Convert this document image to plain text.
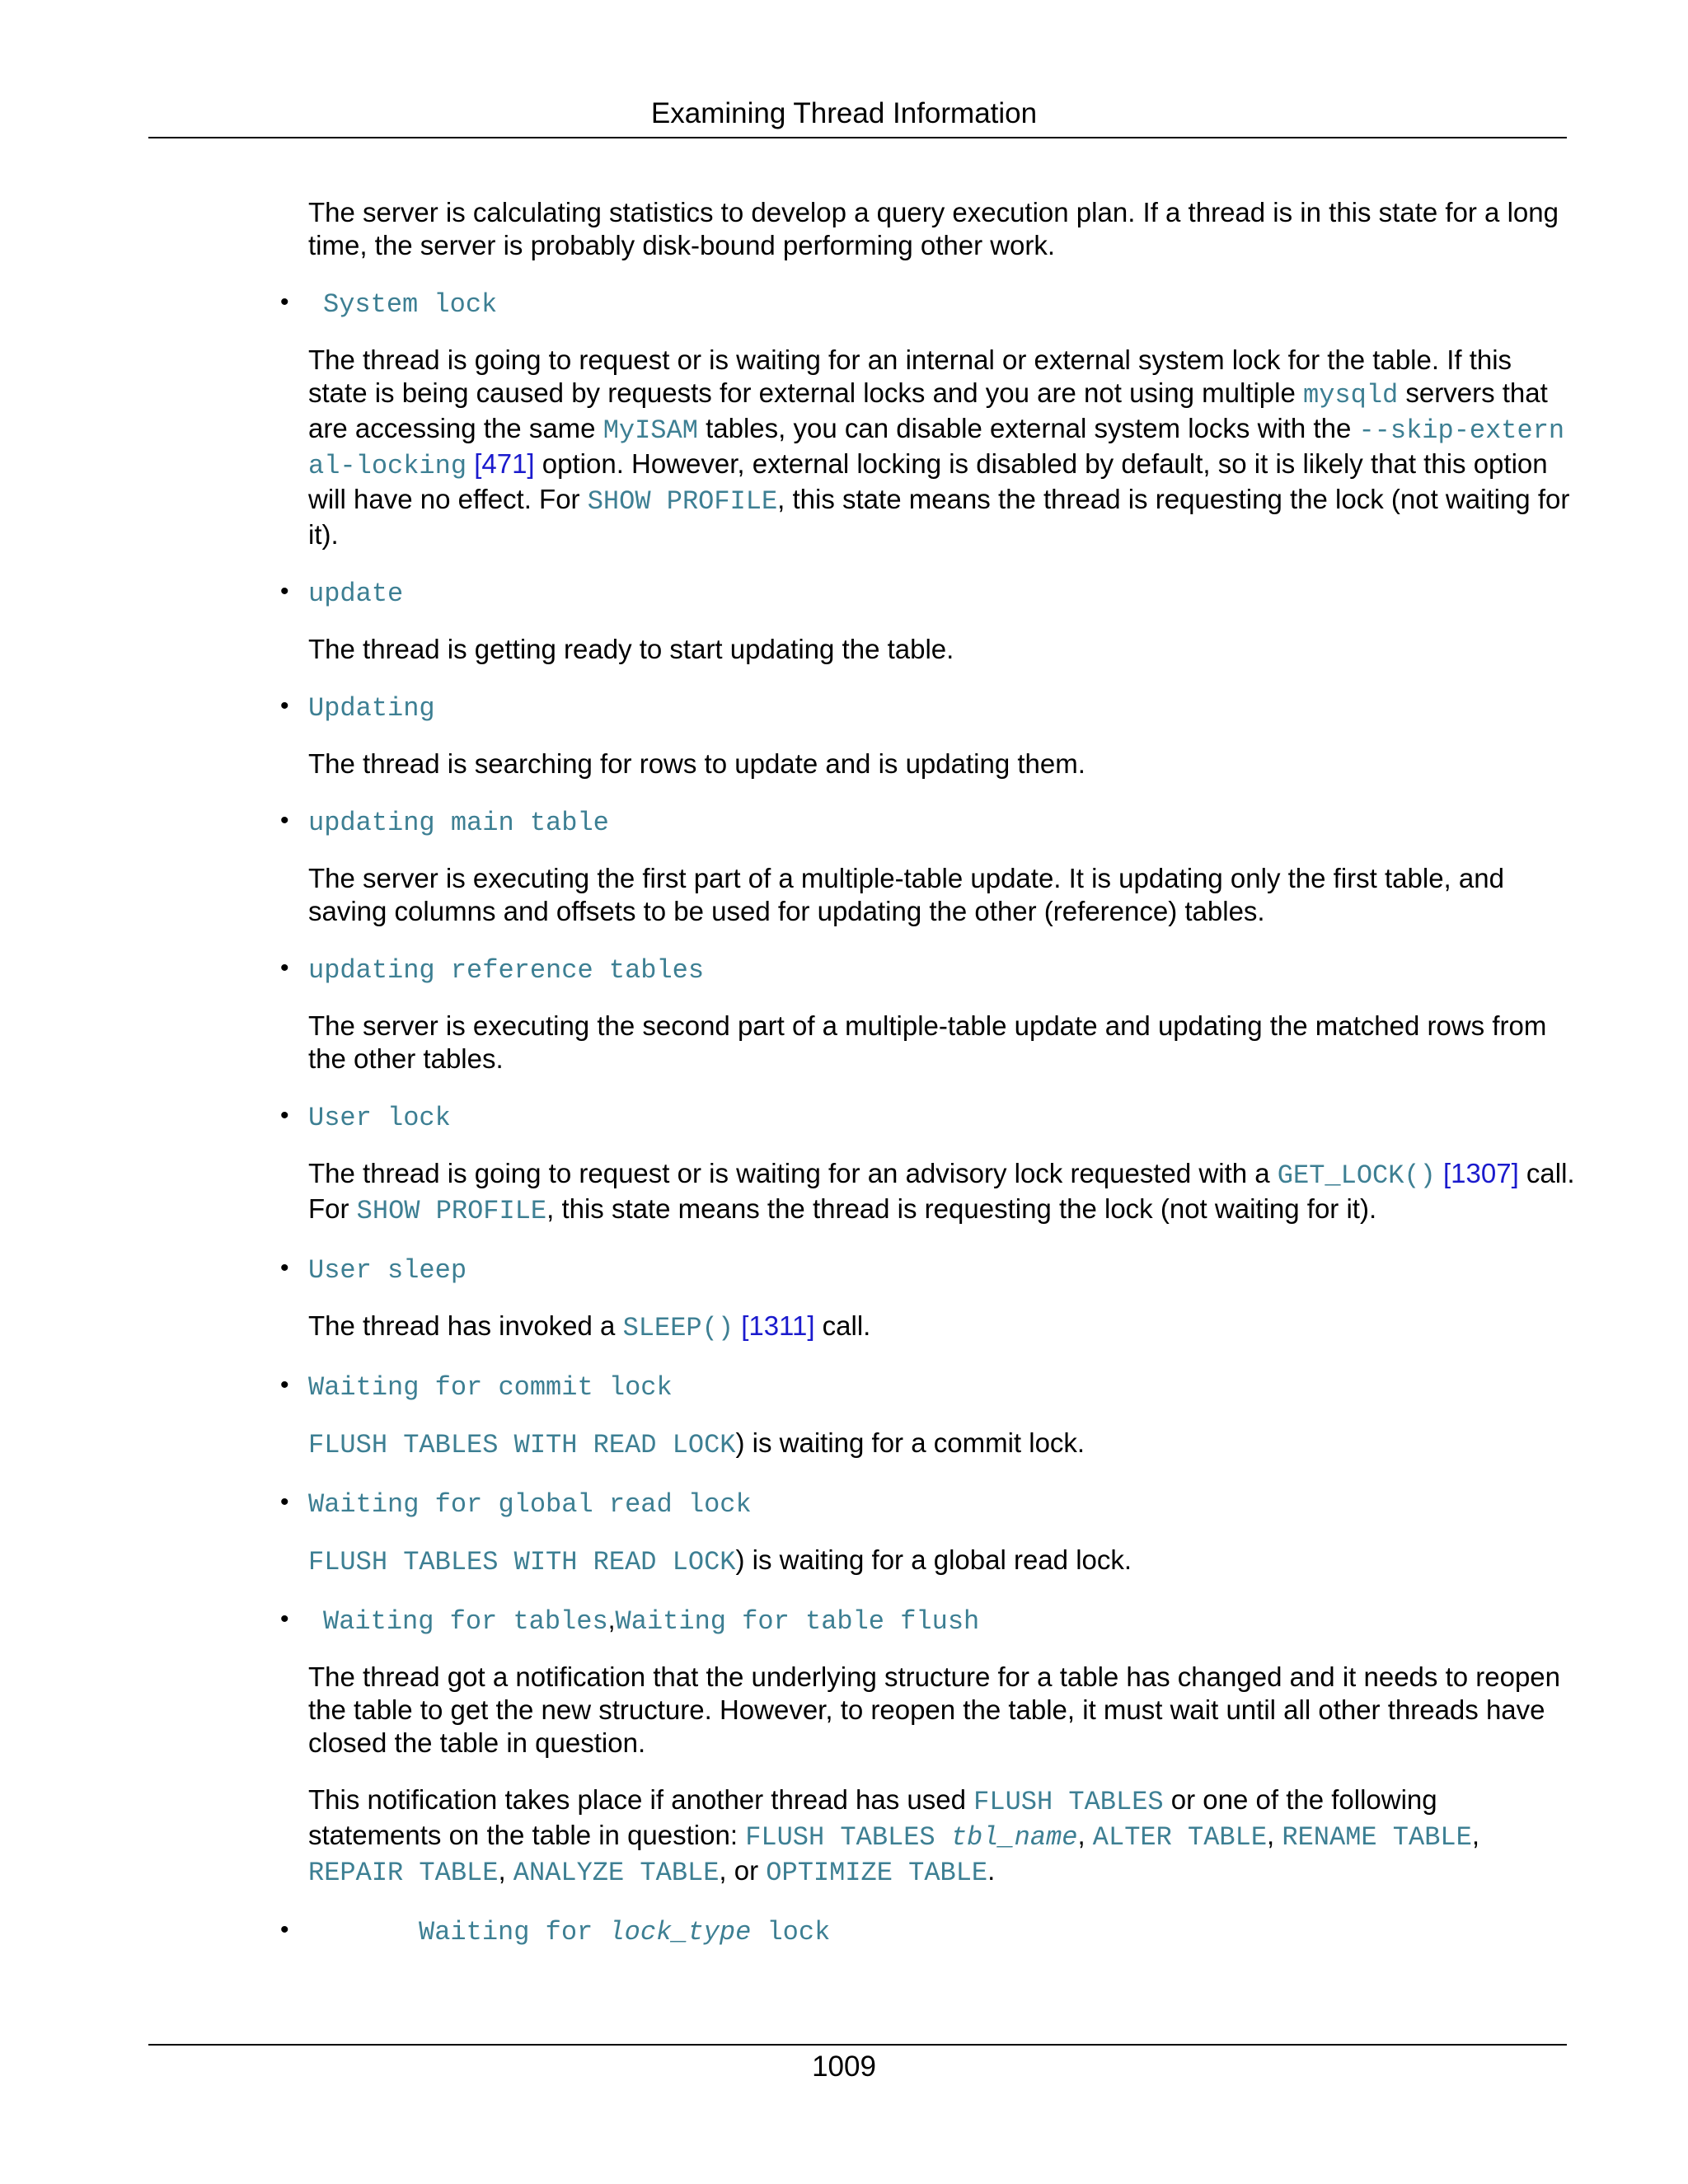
Examining Thread Information

The server is calculating statistics to develop a query execution plan. If a thread is in this state for a long time, the server is probably disk-bound performing other work.

• System lock

The thread is going to request or is waiting for an internal or external system lock for the table. If this state is being caused by requests for external locks and you are not using multiple mysqld servers that are accessing the same MyISAM tables, you can disable external system locks with the --skip-external-locking [471] option. However, external locking is disabled by default, so it is likely that this option will have no effect. For SHOW PROFILE, this state means the thread is requesting the lock (not waiting for it).

• update

The thread is getting ready to start updating the table.

• Updating

The thread is searching for rows to update and is updating them.

• updating main table

The server is executing the first part of a multiple-table update. It is updating only the first table, and saving columns and offsets to be used for updating the other (reference) tables.

• updating reference tables

The server is executing the second part of a multiple-table update and updating the matched rows from the other tables.

• User lock

The thread is going to request or is waiting for an advisory lock requested with a GET_LOCK() [1307] call. For SHOW PROFILE, this state means the thread is requesting the lock (not waiting for it).

• User sleep

The thread has invoked a SLEEP() [1311] call.

• Waiting for commit lock

FLUSH TABLES WITH READ LOCK) is waiting for a commit lock.

• Waiting for global read lock

FLUSH TABLES WITH READ LOCK) is waiting for a global read lock.

• Waiting for tables,Waiting for table flush

The thread got a notification that the underlying structure for a table has changed and it needs to reopen the table to get the new structure. However, to reopen the table, it must wait until all other threads have closed the table in question.

This notification takes place if another thread has used FLUSH TABLES or one of the following statements on the table in question: FLUSH TABLES tbl_name, ALTER TABLE, RENAME TABLE, REPAIR TABLE, ANALYZE TABLE, or OPTIMIZE TABLE.

•	Waiting for lock_type lock
1009
